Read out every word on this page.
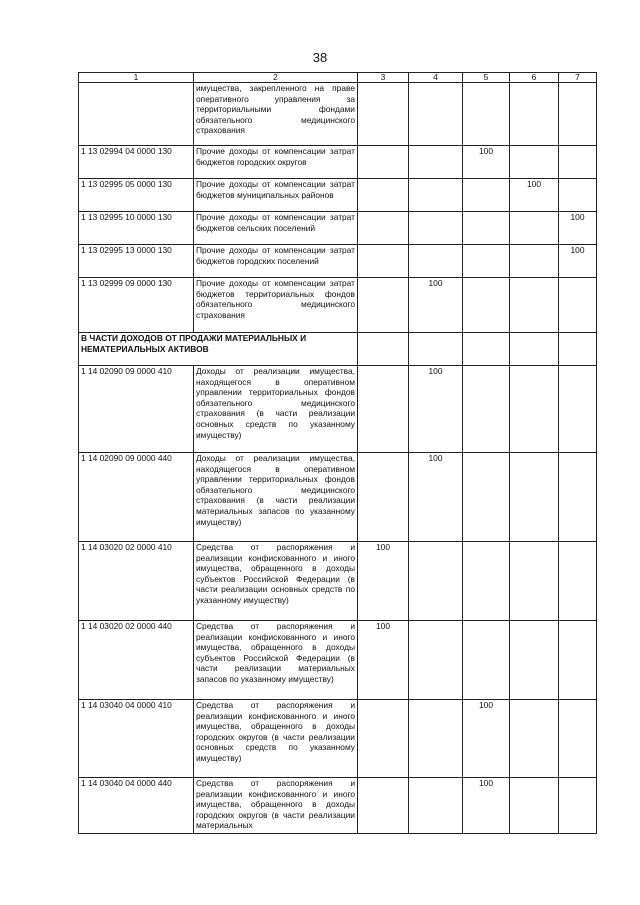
38
1	2	3	4	5	6	7
	имущества, закрепленного на праве оперативного управления за территориальными фондами обязательного медицинского страхования					
1 13 02994 04 0000 130	Прочие доходы от компенсации затрат бюджетов городских округов			100		
1 13 02995 05 0000 130	Прочие доходы от компенсации затрат бюджетов муниципальных районов				100	
1 13 02995 10 0000 130	Прочие доходы от компенсации затрат бюджетов сельских поселений					100
1 13 02995 13 0000 130	Прочие доходы от компенсации затрат бюджетов городских поселений					100
1 13 02999 09 0000 130	Прочие доходы от компенсации затрат бюджетов территориальных фондов обязательного медицинского страхования		100			
В ЧАСТИ ДОХОДОВ ОТ ПРОДАЖИ МАТЕРИАЛЬНЫХ И НЕМАТЕРИАЛЬНЫХ АКТИВОВ						
1 14 02090 09 0000 410	Доходы от реализации имущества, находящегося в оперативном управлении территориальных фондов обязательного медицинского страхования (в части реализации основных средств по указанному имуществу)		100			
1 14 02090 09 0000 440	Доходы от реализации имущества, находящегося в оперативном управлении территориальных фондов обязательного медицинского страхования (в части реализации материальных запасов по указанному имуществу)		100			
1 14 03020 02 0000 410	Средства от распоряжения и реализации конфискованного и иного имущества, обращенного в доходы субъектов Российской Федерации (в части реализации основных средств по указанному имуществу)	100				
1 14 03020 02 0000 440	Средства от распоряжения и реализации конфискованного и иного имущества, обращенного в доходы субъектов Российской Федерации (в части реализации материальных запасов по указанному имуществу)	100				
1 14 03040 04 0000 410	Средства от распоряжения и реализации конфискованного и иного имущества, обращенного в доходы городских округов (в части реализации основных средств по указанному имуществу)			100		
1 14 03040 04 0000 440	Средства от распоряжения и реализации конфискованного и иного имущества, обращенного в доходы городских округов (в части реализации материальных			100		
